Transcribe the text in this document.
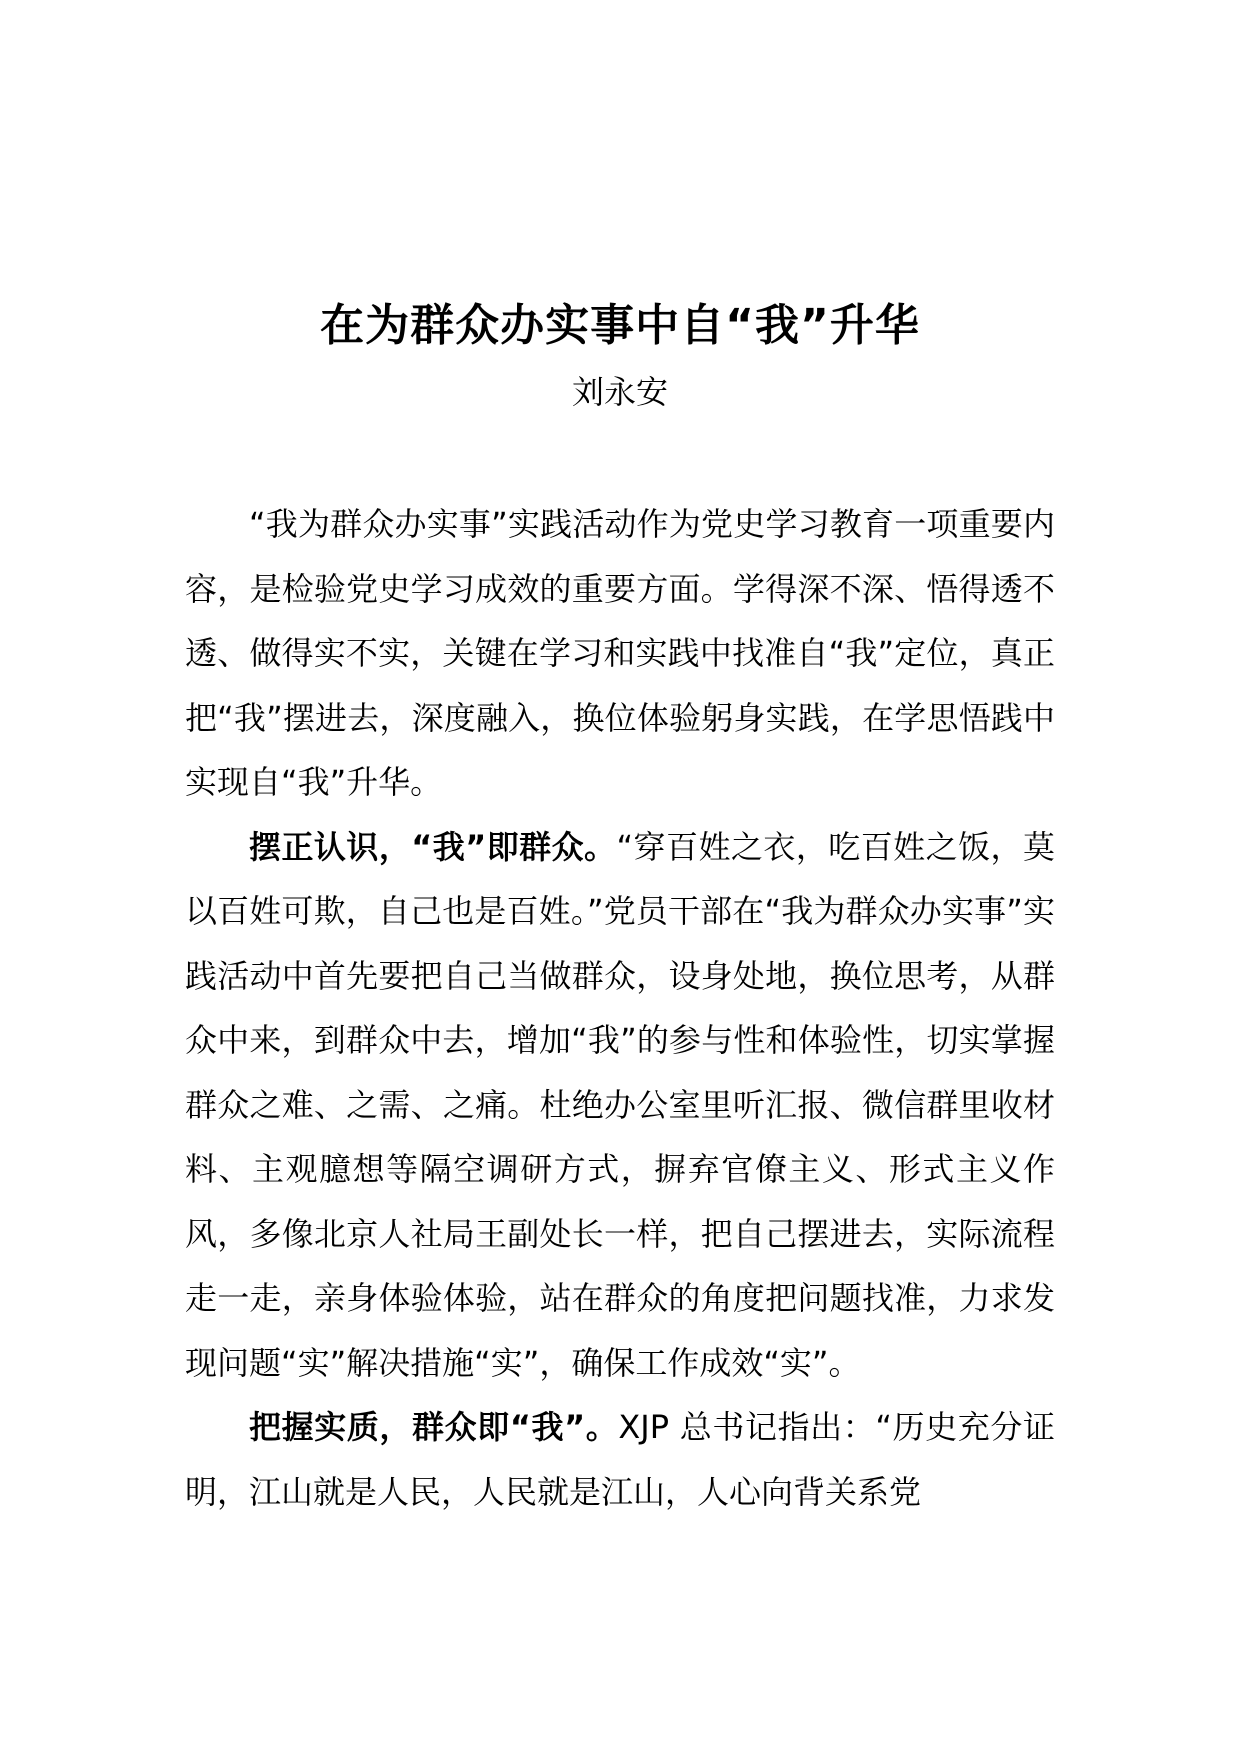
在为群众办实事中自“我”升华
刘永安

“我为群众办实事”实践活动作为党史学习教育一项重要内容，是检验党史学习成效的重要方面。学得深不深、悟得透不透、做得实不实，关键在学习和实践中找准自“我”定位，真正把“我”摆进去，深度融入，换位体验躬身实践，在学思悟践中实现自“我”升华。

摆正认识，“我”即群众。“穿百姓之衣，吃百姓之饭，莫以百姓可欺，自己也是百姓。”党员干部在“我为群众办实事”实践活动中首先要把自己当做群众，设身处地，换位思考，从群众中来，到群众中去，增加“我”的参与性和体验性，切实掌握群众之难、之需、之痛。杜绝办公室里听汇报、微信群里收材料、主观臆想等隔空调研方式，摒弃官僚主义、形式主义作风，多像北京人社局王副处长一样，把自己摆进去，实际流程走一走，亲身体验体验，站在群众的角度把问题找准，力求发现问题“实”解决措施“实”，确保工作成效“实”。

把握实质，群众即“我”。XJP 总书记指出：“历史充分证明，江山就是人民，人民就是江山，人心向背关系党
